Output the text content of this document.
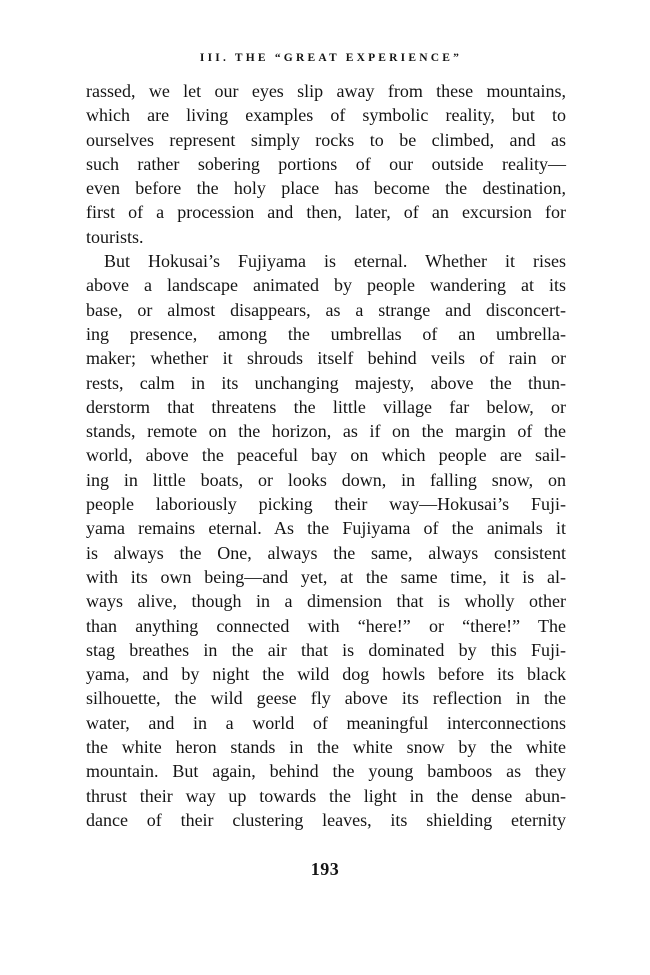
III. THE “GREAT EXPERIENCE”
rassed, we let our eyes slip away from these mountains,
which are living examples of symbolic reality, but to
ourselves represent simply rocks to be climbed, and as
such rather sobering portions of our outside reality—
even before the holy place has become the destination,
first of a procession and then, later, of an excursion for
tourists.
But Hokusai’s Fujiyama is eternal. Whether it rises
above a landscape animated by people wandering at its
base, or almost disappears, as a strange and disconcert-
ing presence, among the umbrellas of an umbrella-
maker; whether it shrouds itself behind veils of rain or
rests, calm in its unchanging majesty, above the thun-
derstorm that threatens the little village far below, or
stands, remote on the horizon, as if on the margin of the
world, above the peaceful bay on which people are sail-
ing in little boats, or looks down, in falling snow, on
people laboriously picking their way—Hokusai’s Fuji-
yama remains eternal. As the Fujiyama of the animals it
is always the One, always the same, always consistent
with its own being—and yet, at the same time, it is al-
ways alive, though in a dimension that is wholly other
than anything connected with “here!” or “there!” The
stag breathes in the air that is dominated by this Fuji-
yama, and by night the wild dog howls before its black
silhouette, the wild geese fly above its reflection in the
water, and in a world of meaningful interconnections
the white heron stands in the white snow by the white
mountain. But again, behind the young bamboos as they
thrust their way up towards the light in the dense abun-
dance of their clustering leaves, its shielding eternity
193
